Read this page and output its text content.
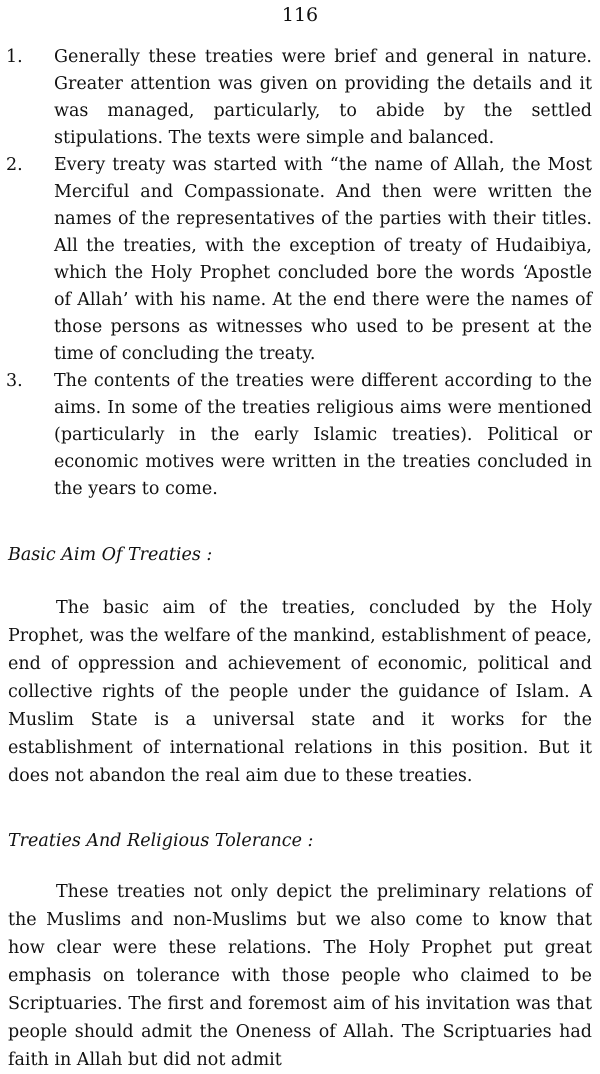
116
1.	Generally these treaties were brief and general in nature. Greater attention was given on providing the details and it was managed, particularly, to abide by the settled stipulations. The texts were simple and balanced.
2.	Every treaty was started with “the name of Allah, the Most Merciful and Compassionate. And then were written the names of the representatives of the parties with their titles. All the treaties, with the exception of treaty of Hudaibiya, which the Holy Prophet concluded bore the words ‘Apostle of Allah’ with his name. At the end there were the names of those persons as witnesses who used to be present at the time of concluding the treaty.
3.	The contents of the treaties were different according to the aims. In some of the treaties religious aims were mentioned (particularly in the early Islamic treaties). Political or economic motives were written in the treaties concluded in the years to come.
Basic Aim Of Treaties :
The basic aim of the treaties, concluded by the Holy Prophet, was the welfare of the mankind, establishment of peace, end of oppression and achievement of economic, political and collective rights of the people under the guidance of Islam. A Muslim State is a universal state and it works for the establishment of international relations in this position. But it does not abandon the real aim due to these treaties.
Treaties And Religious Tolerance :
These treaties not only depict the preliminary relations of the Muslims and non-Muslims but we also come to know that how clear were these relations. The Holy Prophet put great emphasis on tolerance with those people who claimed to be Scriptuaries. The first and foremost aim of his invitation was that people should admit the Oneness of Allah. The Scriptuaries had faith in Allah but did not admit
